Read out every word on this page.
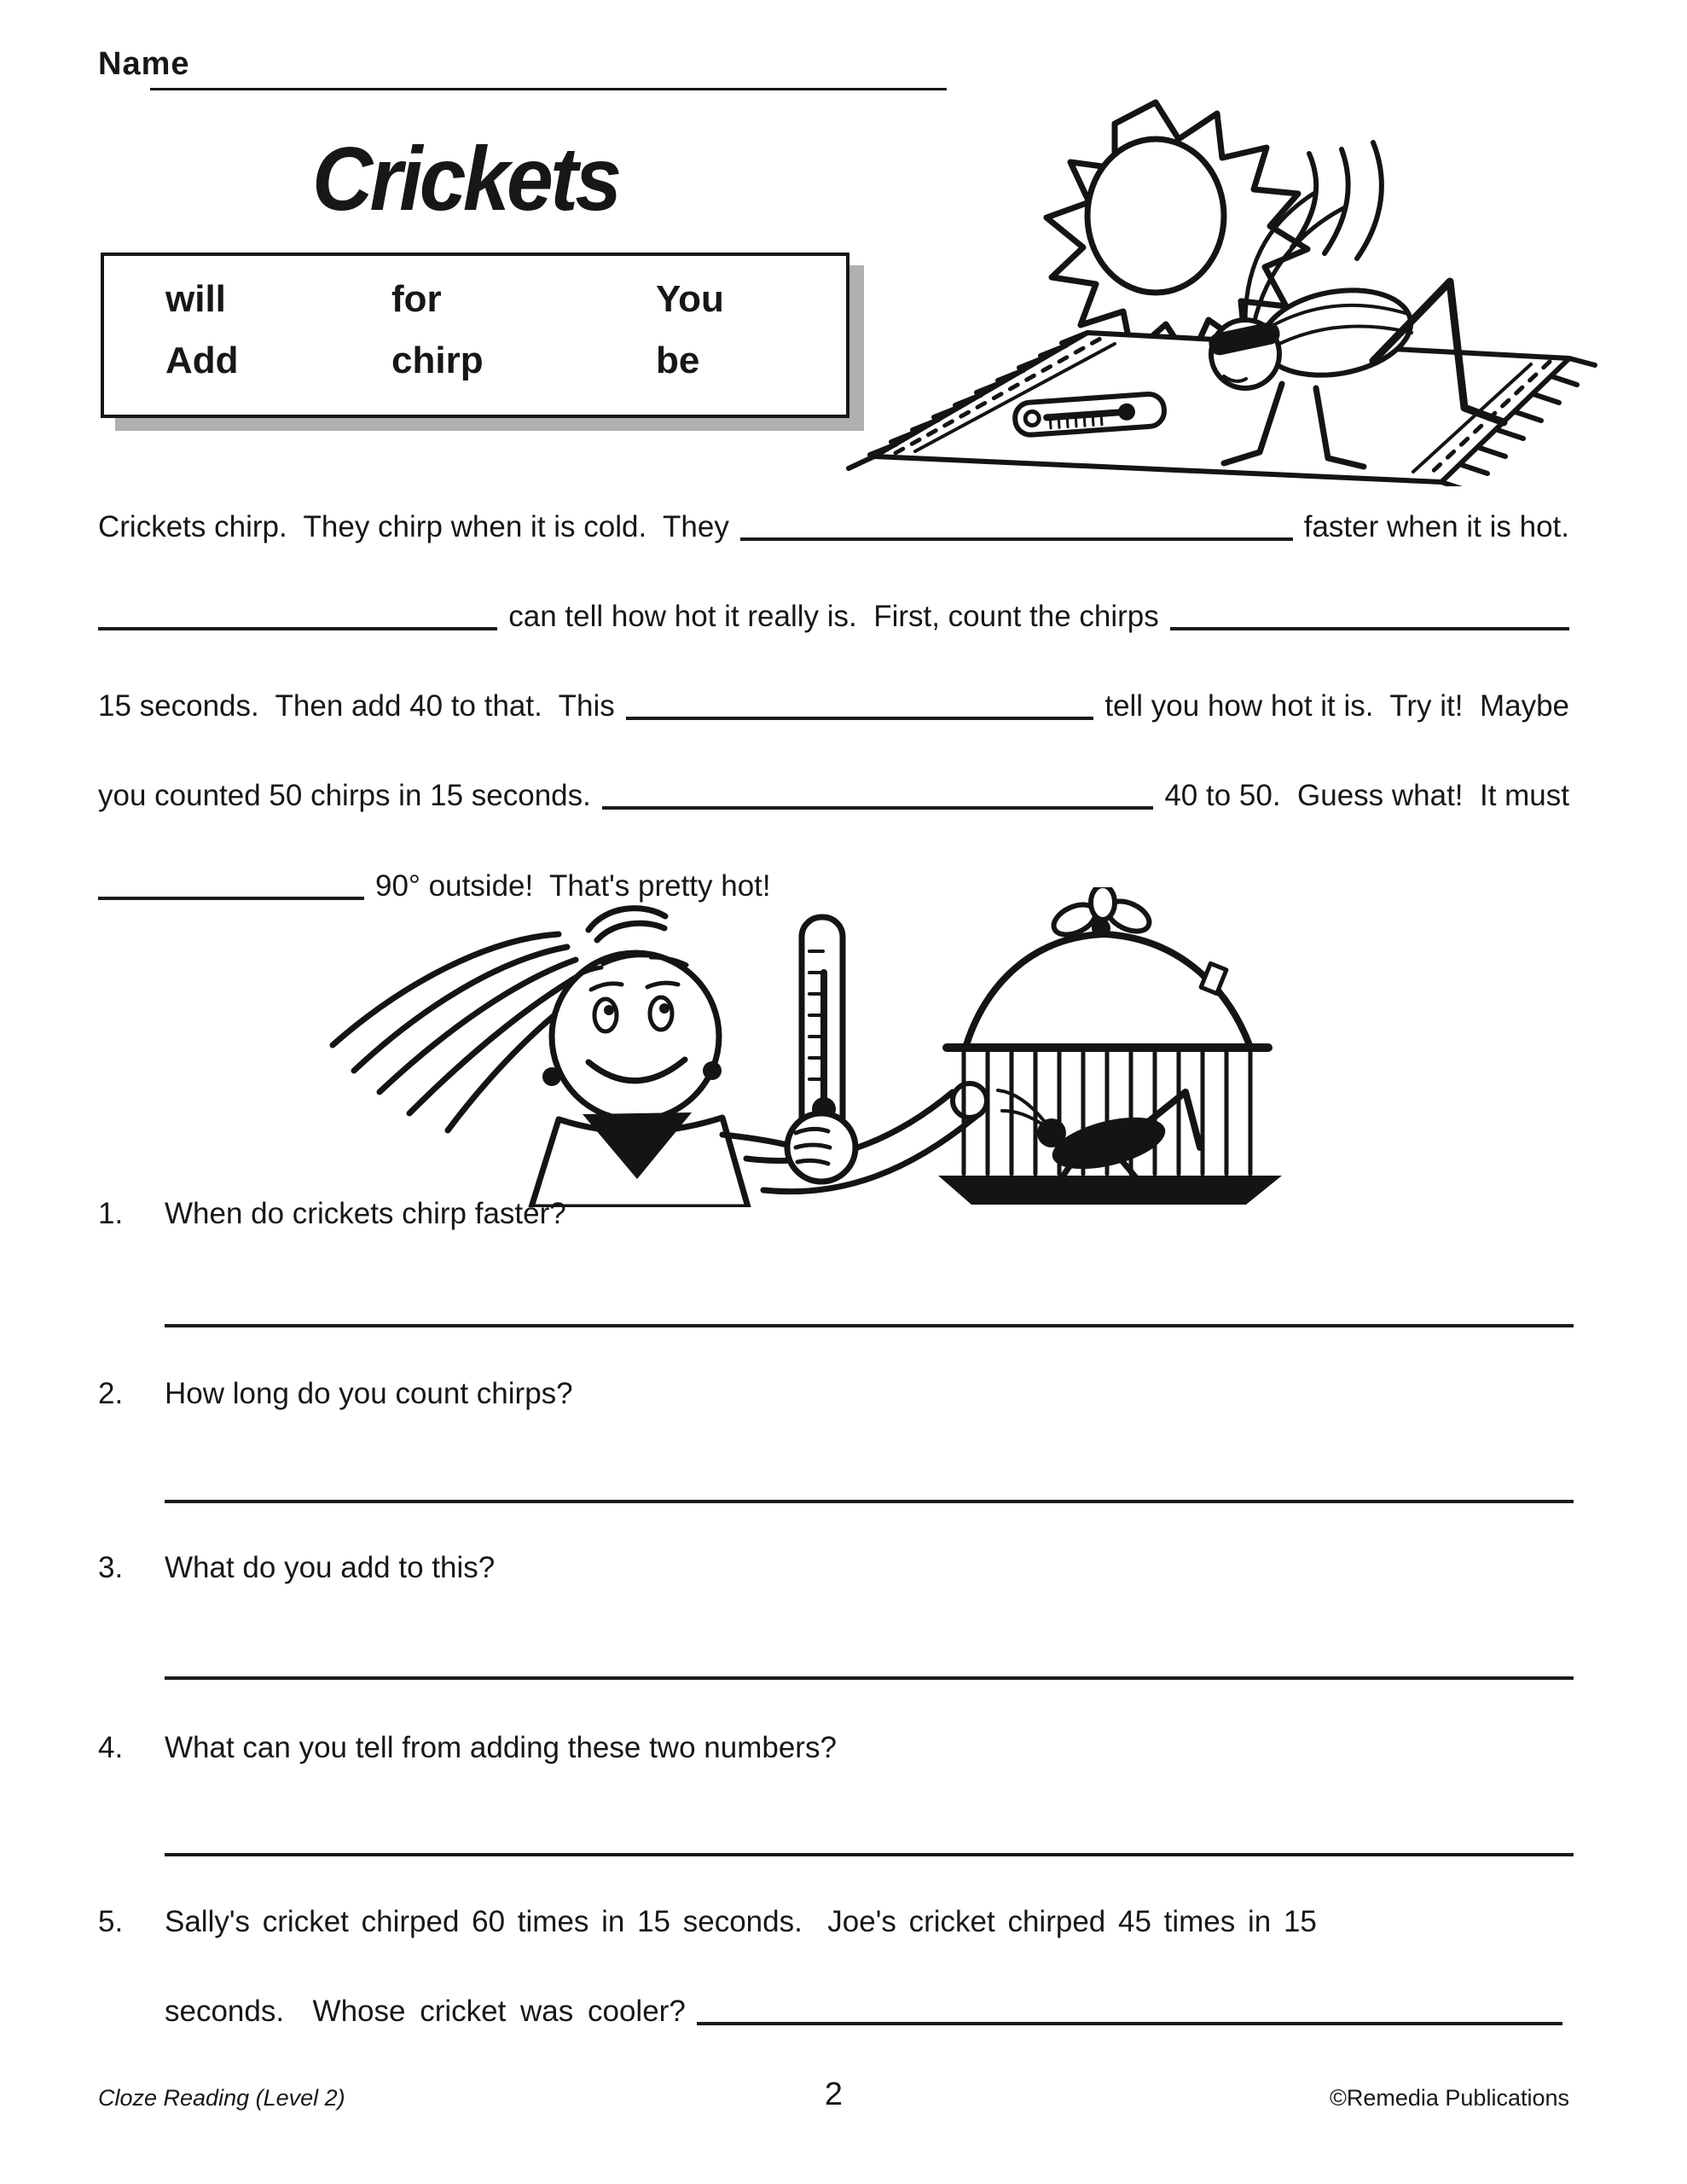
Name
Crickets
will	for	You
Add	chirp	be
Crickets chirp.  They chirp when it is cold.  They	faster when it is hot.
can tell how hot it really is.  First, count the chirps
15 seconds.  Then add 40 to that.  This	tell you how hot it is.  Try it!  Maybe
you counted 50 chirps in 15 seconds.	40 to 50.  Guess what!  It must
90° outside!  That's pretty hot!
1. When do crickets chirp faster?
2. How long do you count chirps?
3. What do you add to this?
4. What can you tell from adding these two numbers?
5. Sally's cricket chirped 60 times in 15 seconds.  Joe's cricket chirped 45 times in 15
seconds.  Whose cricket was cooler?
Cloze Reading (Level 2)	2	©Remedia Publications
